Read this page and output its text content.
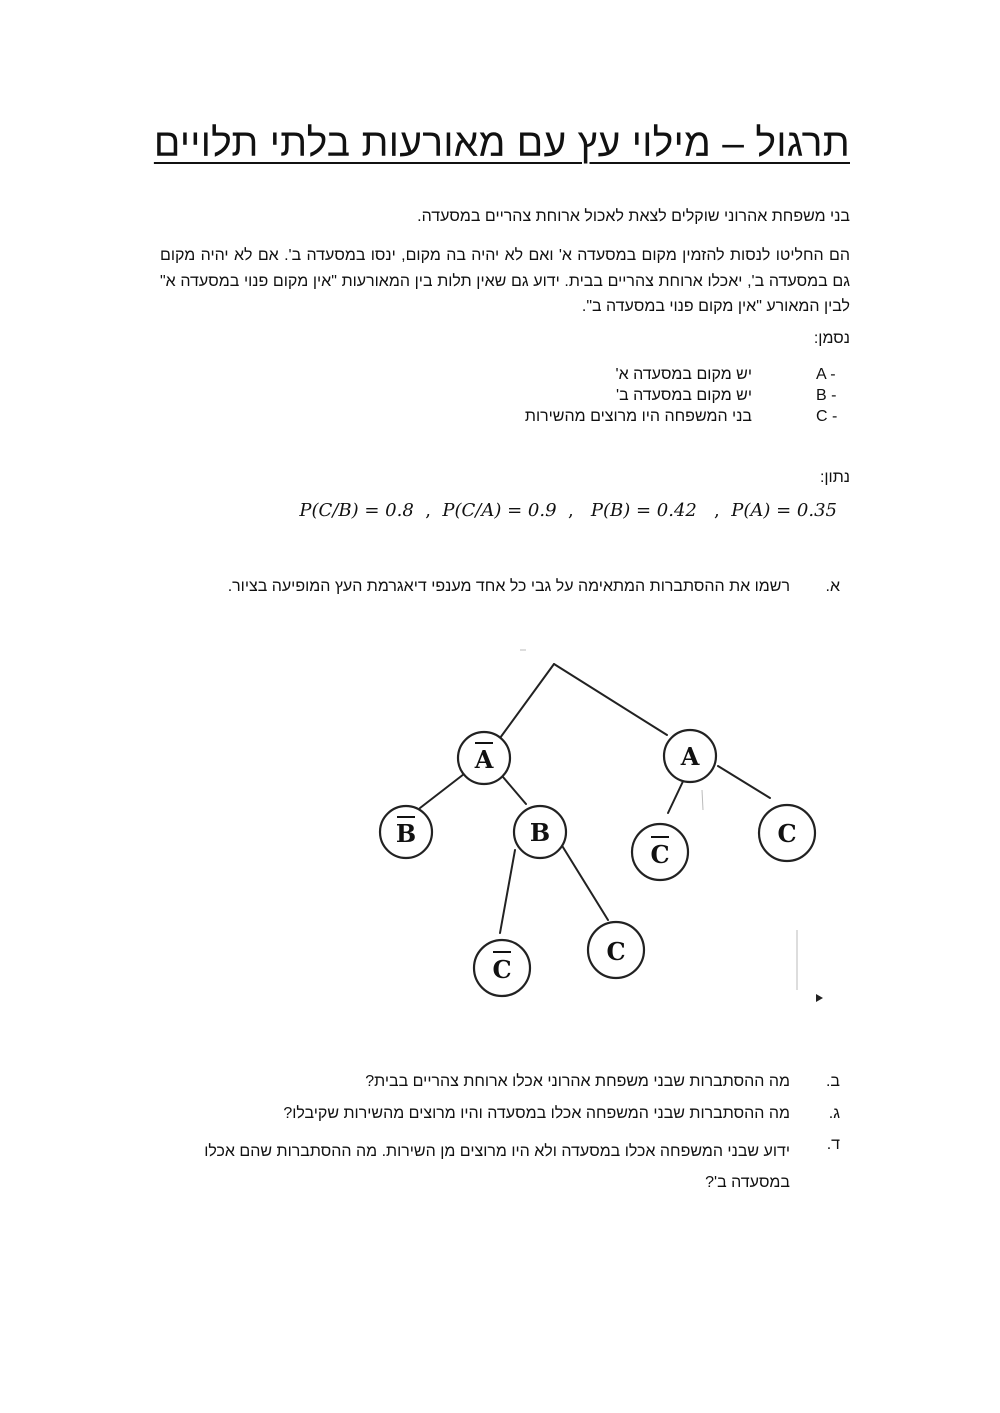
תרגול – מילוי עץ עם מאורעות בלתי תלויים
בני משפחת אהרוני שוקלים לצאת לאכול ארוחת צהריים במסעדה.
הם החליטו לנסות להזמין מקום במסעדה א' ואם לא יהיה בה מקום, ינסו במסעדה ב'. אם לא יהיה מקום גם במסעדה ב', יאכלו ארוחת צהריים בבית. ידוע גם שאין תלות בין המאורעות "אין מקום פנוי במסעדה א" לבין המאורע "אין מקום פנוי במסעדה ב".
נסמן:
A -
יש מקום במסעדה א'
B -
יש מקום במסעדה ב'
C -
בני המשפחה היו מרוצים מהשירות
נתון:
P(C/B) = 0.8  ,  P(C/A) = 0.9  ,   P(B) = 0.42   ,  P(A) = 0.35
א.
רשמו את ההסתברות המתאימה על גבי כל אחד מענפי דיאגרמת העץ המופיעה בציור.
A	A
B	B
C
C
C
C
ב.
מה ההסתברות שבני משפחת אהרוני אכלו ארוחת צהריים בבית?
ג.
מה ההסתברות שבני המשפחה אכלו במסעדה והיו מרוצים מהשירות שקיבלו?
ד.
ידוע שבני המשפחה אכלו במסעדה ולא היו מרוצים מן השירות. מה ההסתברות שהם אכלו במסעדה ב'?
